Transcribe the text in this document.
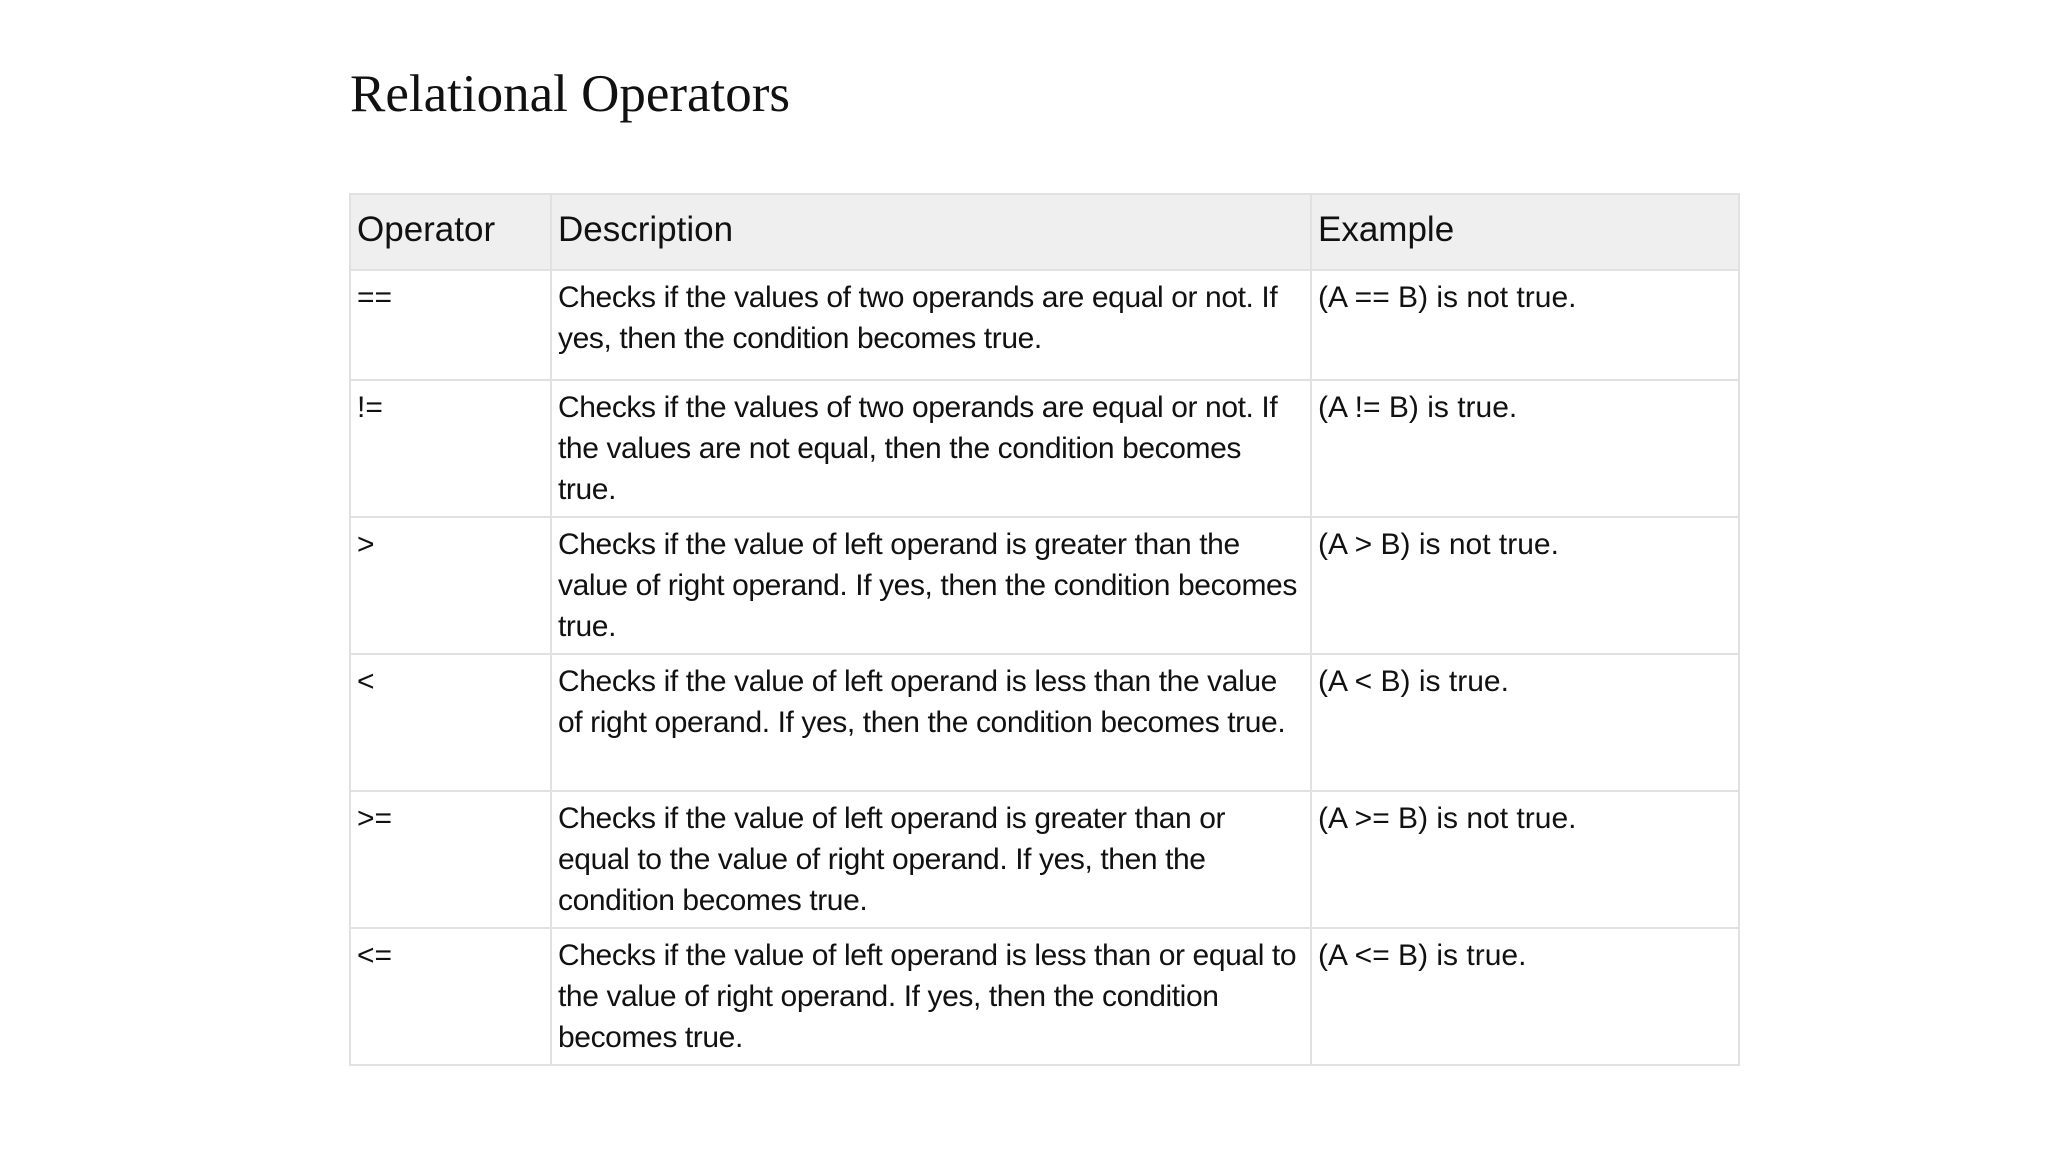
Relational Operators
Operator	Description	Example
==	Checks if the values of two operands are equal or not. If yes, then the condition becomes true.	(A == B) is not true.
!=	Checks if the values of two operands are equal or not. If the values are not equal, then the condition becomes true.	(A != B) is true.
>	Checks if the value of left operand is greater than the value of right operand. If yes, then the condition becomes true.	(A > B) is not true.
<	Checks if the value of left operand is less than the value of right operand. If yes, then the condition becomes true.	(A < B) is true.
>=	Checks if the value of left operand is greater than or equal to the value of right operand. If yes, then the condition becomes true.	(A >= B) is not true.
<=	Checks if the value of left operand is less than or equal to the value of right operand. If yes, then the condition becomes true.	(A <= B) is true.
